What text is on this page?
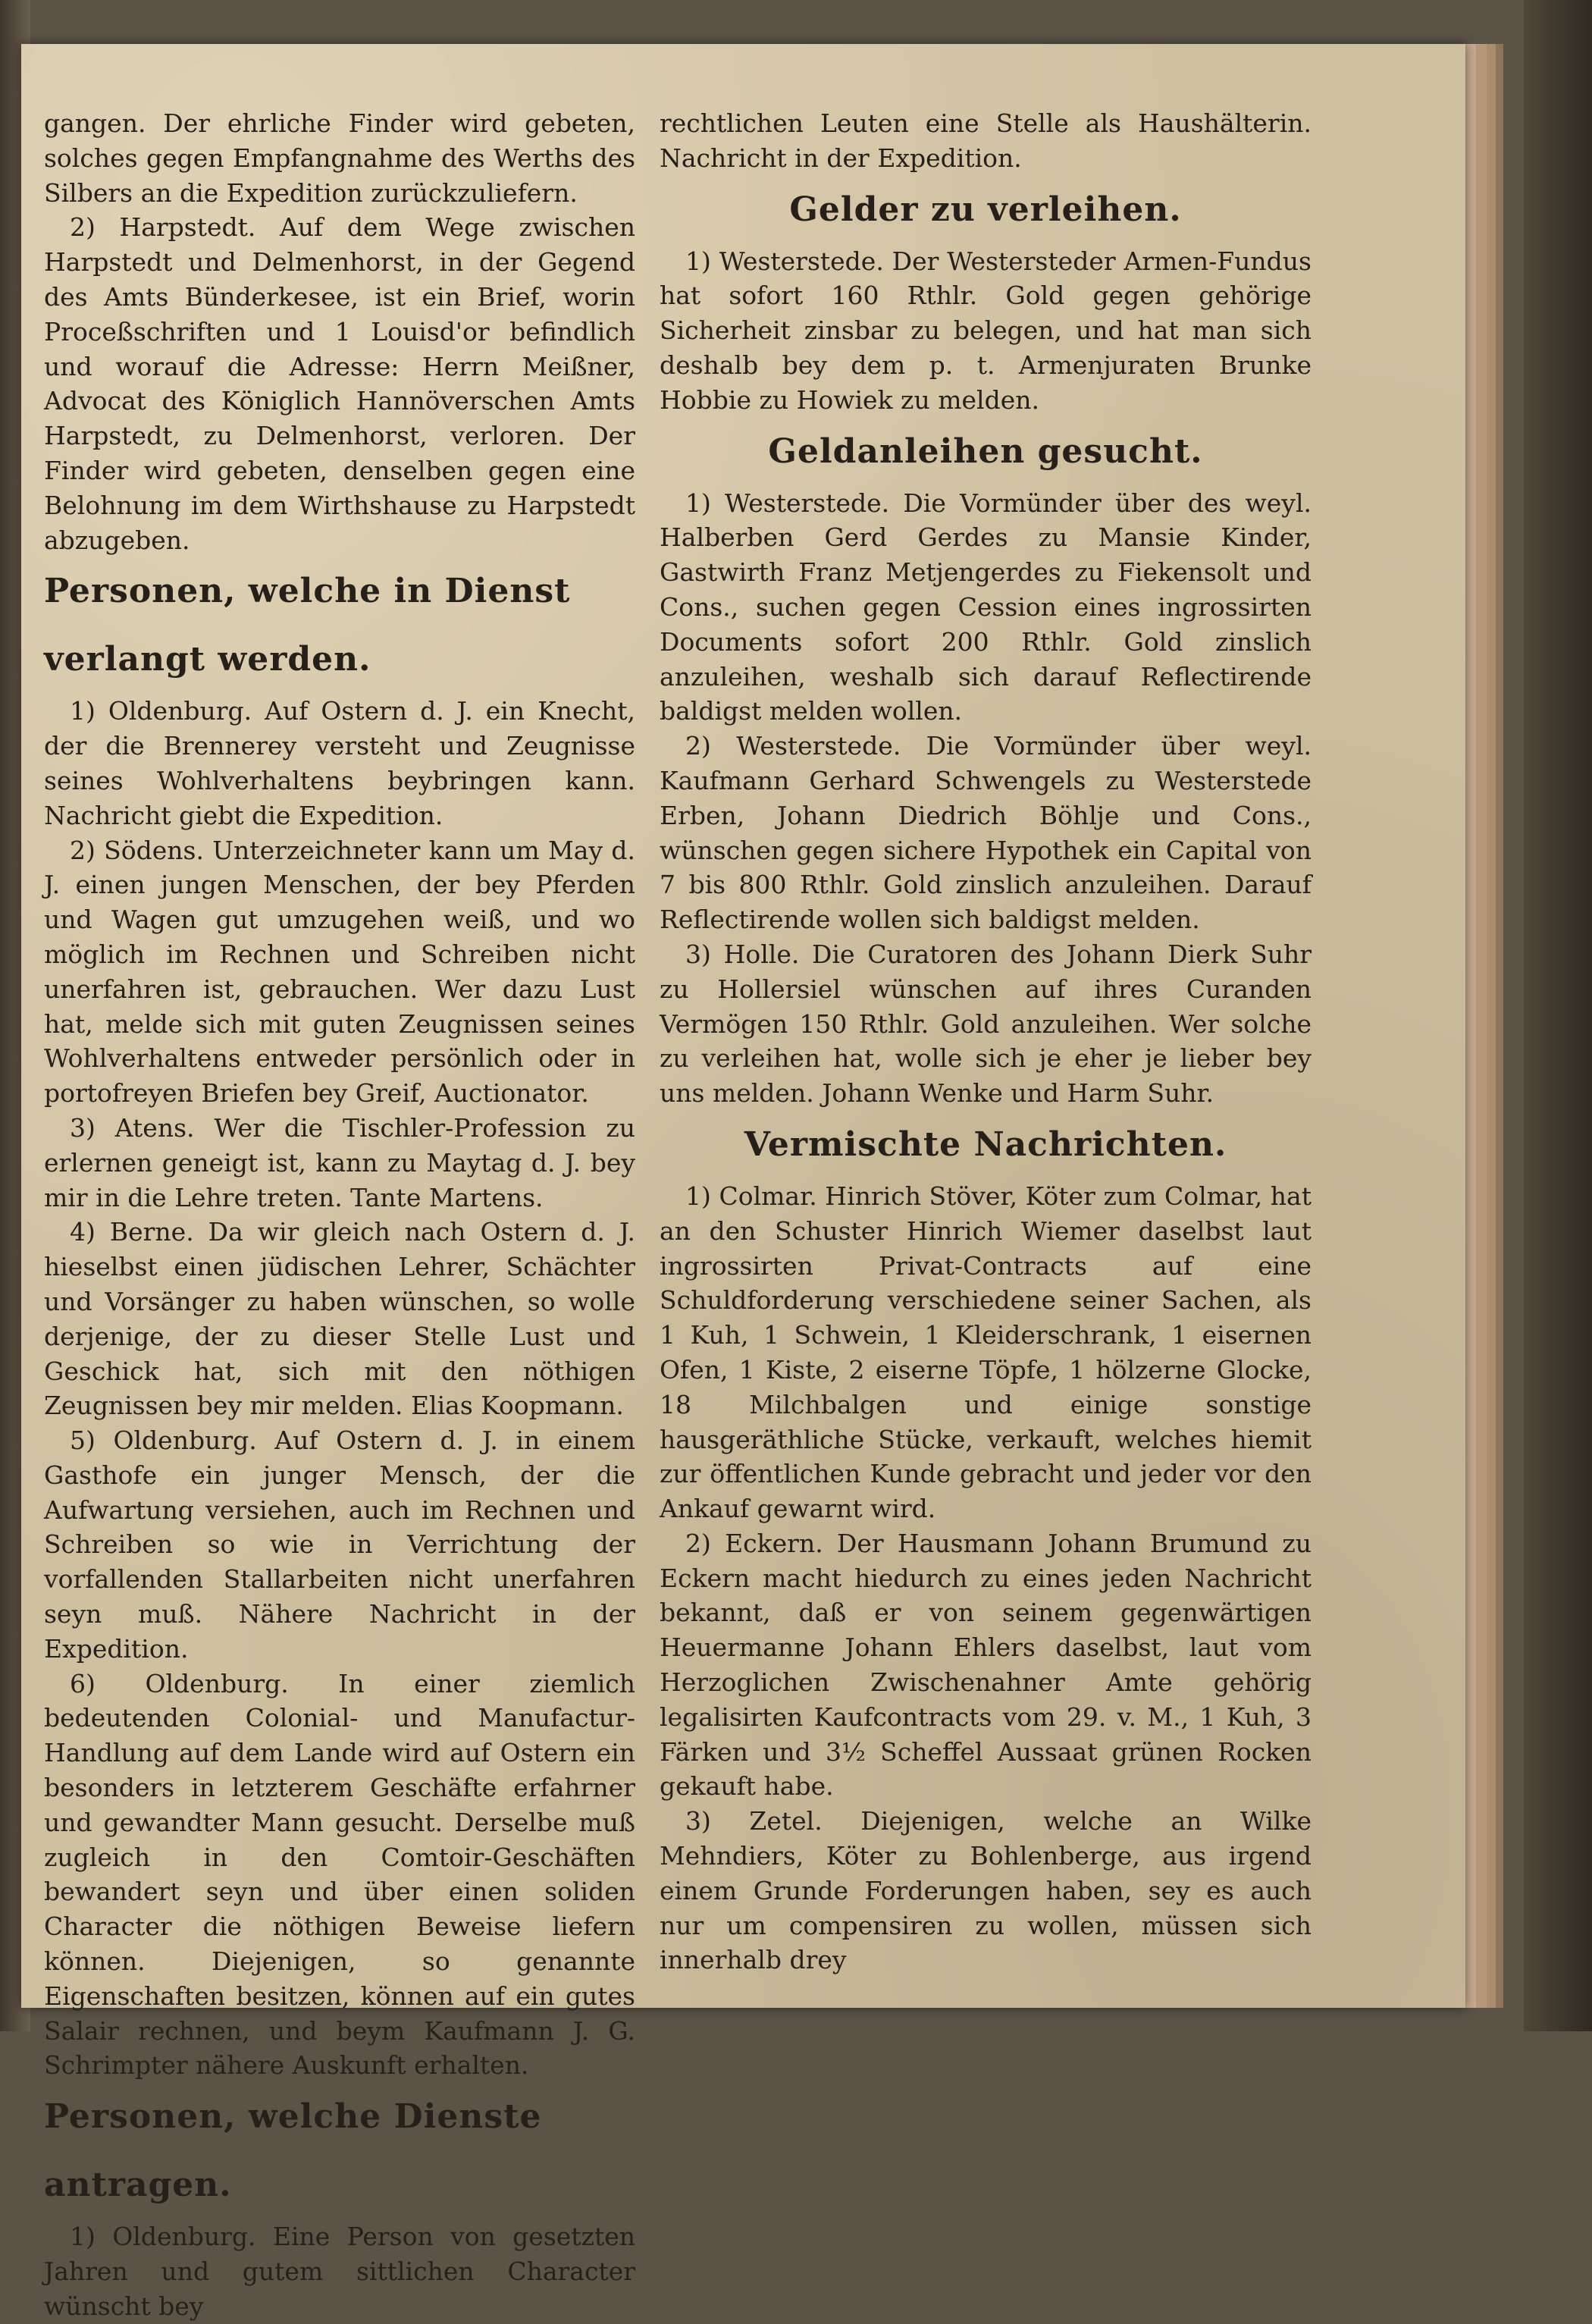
gangen. Der ehrliche Finder wird gebeten, solches gegen Empfangnahme des Werths des Silbers an die Expedition zurückzuliefern.

2) Harpstedt. Auf dem Wege zwischen Harpstedt und Delmenhorst, in der Gegend des Amts Bünderkesee, ist ein Brief, worin Proceßschriften und 1 Louisd'or befindlich und worauf die Adresse: Herrn Meißner, Advocat des Königlich Hannöverschen Amts Harpstedt, zu Delmenhorst, verloren. Der Finder wird gebeten, denselben gegen eine Belohnung im dem Wirthshause zu Harpstedt abzugeben.

Personen, welche in Dienst verlangt werden.

1) Oldenburg. Auf Ostern d. J. ein Knecht, der die Brennerey versteht und Zeugnisse seines Wohlverhaltens beybringen kann. Nachricht giebt die Expedition.

2) Södens. Unterzeichneter kann um May d. J. einen jungen Menschen, der bey Pferden und Wagen gut umzugehen weiß, und wo möglich im Rechnen und Schreiben nicht unerfahren ist, gebrauchen. Wer dazu Lust hat, melde sich mit guten Zeugnissen seines Wohlverhaltens entweder persönlich oder in portofreyen Briefen bey Greif, Auctionator.

3) Atens. Wer die Tischler-Profession zu erlernen geneigt ist, kann zu Maytag d. J. bey mir in die Lehre treten. Tante Martens.

4) Berne. Da wir gleich nach Ostern d. J. hieselbst einen jüdischen Lehrer, Schächter und Vorsänger zu haben wünschen, so wolle derjenige, der zu dieser Stelle Lust und Geschick hat, sich mit den nöthigen Zeugnissen bey mir melden. Elias Koopmann.

5) Oldenburg. Auf Ostern d. J. in einem Gasthofe ein junger Mensch, der die Aufwartung versiehen, auch im Rechnen und Schreiben so wie in Verrichtung der vorfallenden Stallarbeiten nicht unerfahren seyn muß. Nähere Nachricht in der Expedition.

6) Oldenburg. In einer ziemlich bedeutenden Colonial- und Manufactur-Handlung auf dem Lande wird auf Ostern ein besonders in letzterem Geschäfte erfahrner und gewandter Mann gesucht. Derselbe muß zugleich in den Comtoir-Geschäften bewandert seyn und über einen soliden Character die nöthigen Beweise liefern können. Diejenigen, so genannte Eigenschaften besitzen, können auf ein gutes Salair rechnen, und beym Kaufmann J. G. Schrimpter nähere Auskunft erhalten.

Personen, welche Dienste antragen.

1) Oldenburg. Eine Person von gesetzten Jahren und gutem sittlichen Character wünscht bey

rechtlichen Leuten eine Stelle als Haushälterin. Nachricht in der Expedition.

Gelder zu verleihen.

1) Westerstede. Der Westersteder Armen-Fundus hat sofort 160 Rthlr. Gold gegen gehörige Sicherheit zinsbar zu belegen, und hat man sich deshalb bey dem p. t. Armenjuraten Brunke Hobbie zu Howiek zu melden.

Geldanleihen gesucht.

1) Westerstede. Die Vormünder über des weyl. Halberben Gerd Gerdes zu Mansie Kinder, Gastwirth Franz Metjengerdes zu Fiekensolt und Cons., suchen gegen Cession eines ingrossirten Documents sofort 200 Rthlr. Gold zinslich anzuleihen, weshalb sich darauf Reflectirende baldigst melden wollen.

2) Westerstede. Die Vormünder über weyl. Kaufmann Gerhard Schwengels zu Westerstede Erben, Johann Diedrich Böhlje und Cons., wünschen gegen sichere Hypothek ein Capital von 7 bis 800 Rthlr. Gold zinslich anzuleihen. Darauf Reflectirende wollen sich baldigst melden.

3) Holle. Die Curatoren des Johann Dierk Suhr zu Hollersiel wünschen auf ihres Curanden Vermögen 150 Rthlr. Gold anzuleihen. Wer solche zu verleihen hat, wolle sich je eher je lieber bey uns melden. Johann Wenke und Harm Suhr.

Vermischte Nachrichten.

1) Colmar. Hinrich Stöver, Köter zum Colmar, hat an den Schuster Hinrich Wiemer daselbst laut ingrossirten Privat-Contracts auf eine Schuldforderung verschiedene seiner Sachen, als 1 Kuh, 1 Schwein, 1 Kleiderschrank, 1 eisernen Ofen, 1 Kiste, 2 eiserne Töpfe, 1 hölzerne Glocke, 18 Milchbalgen und einige sonstige hausgeräthliche Stücke, verkauft, welches hiemit zur öffentlichen Kunde gebracht und jeder vor den Ankauf gewarnt wird.

2) Eckern. Der Hausmann Johann Brumund zu Eckern macht hiedurch zu eines jeden Nachricht bekannt, daß er von seinem gegenwärtigen Heuermanne Johann Ehlers daselbst, laut vom Herzoglichen Zwischenahner Amte gehörig legalisirten Kaufcontracts vom 29. v. M., 1 Kuh, 3 Färken und 3½ Scheffel Aussaat grünen Rocken gekauft habe.

3) Zetel. Diejenigen, welche an Wilke Mehndiers, Köter zu Bohlenberge, aus irgend einem Grunde Forderungen haben, sey es auch nur um compensiren zu wollen, müssen sich innerhalb drey
